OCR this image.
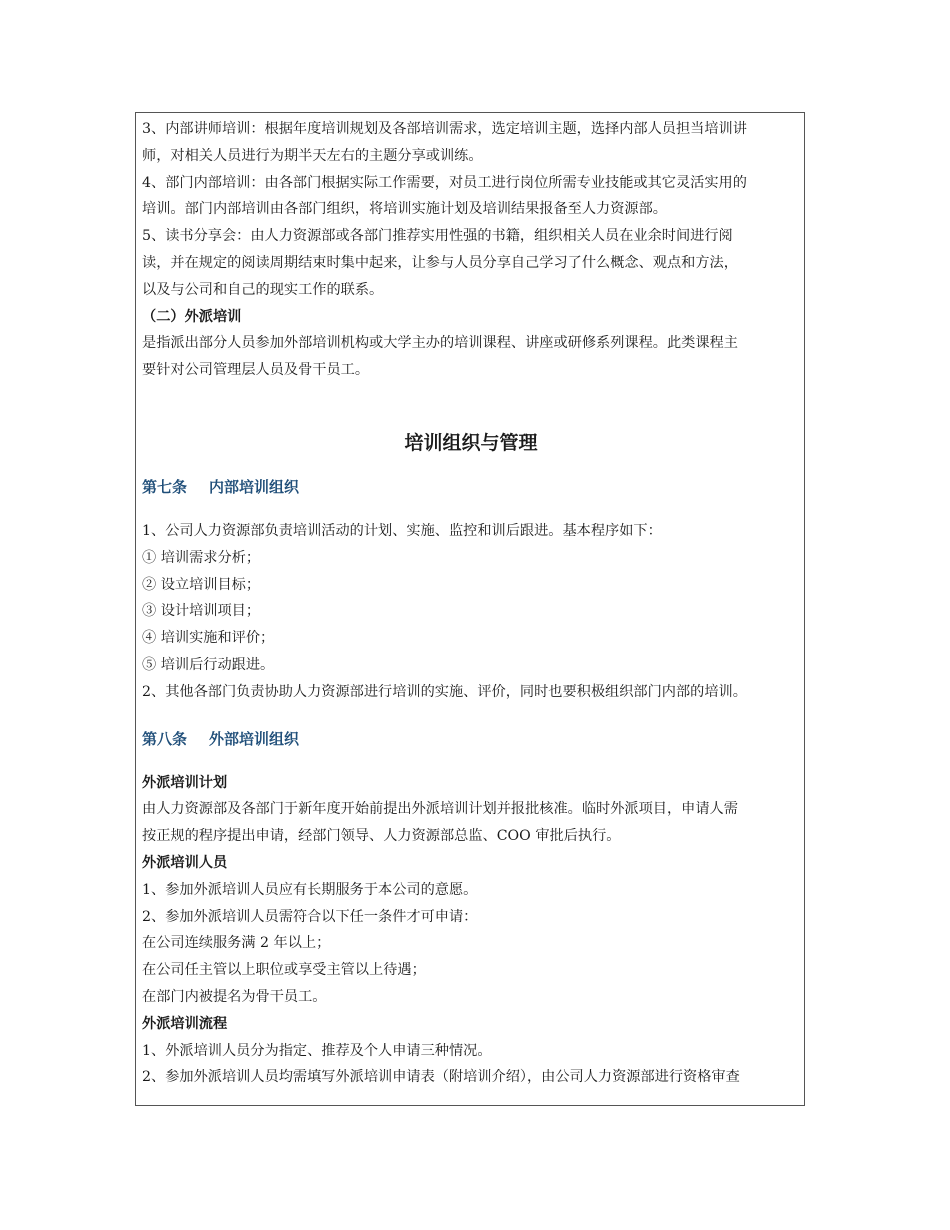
3、内部讲师培训：根据年度培训规划及各部培训需求，选定培训主题，选择内部人员担当培训讲

师，对相关人员进行为期半天左右的主题分享或训练。

4、部门内部培训：由各部门根据实际工作需要，对员工进行岗位所需专业技能或其它灵活实用的

培训。部门内部培训由各部门组织，将培训实施计划及培训结果报备至人力资源部。

5、读书分享会：由人力资源部或各部门推荐实用性强的书籍，组织相关人员在业余时间进行阅

读，并在规定的阅读周期结束时集中起来，让参与人员分享自己学习了什么概念、观点和方法，

以及与公司和自己的现实工作的联系。

（二）外派培训

是指派出部分人员参加外部培训机构或大学主办的培训课程、讲座或研修系列课程。此类课程主

要针对公司管理层人员及骨干员工。

培训组织与管理

第七条 内部培训组织

1、公司人力资源部负责培训活动的计划、实施、监控和训后跟进。基本程序如下：

① 培训需求分析；

② 设立培训目标；

③ 设计培训项目；

④ 培训实施和评价；

⑤ 培训后行动跟进。

2、其他各部门负责协助人力资源部进行培训的实施、评价，同时也要积极组织部门内部的培训。

第八条 外部培训组织

外派培训计划

由人力资源部及各部门于新年度开始前提出外派培训计划并报批核准。临时外派项目，申请人需

按正规的程序提出申请，经部门领导、人力资源部总监、COO 审批后执行。

外派培训人员

1、参加外派培训人员应有长期服务于本公司的意愿。

2、参加外派培训人员需符合以下任一条件才可申请：

在公司连续服务满 2 年以上；

在公司任主管以上职位或享受主管以上待遇；

在部门内被提名为骨干员工。

外派培训流程

1、外派培训人员分为指定、推荐及个人申请三种情况。

2、参加外派培训人员均需填写外派培训申请表（附培训介绍），由公司人力资源部进行资格审查
